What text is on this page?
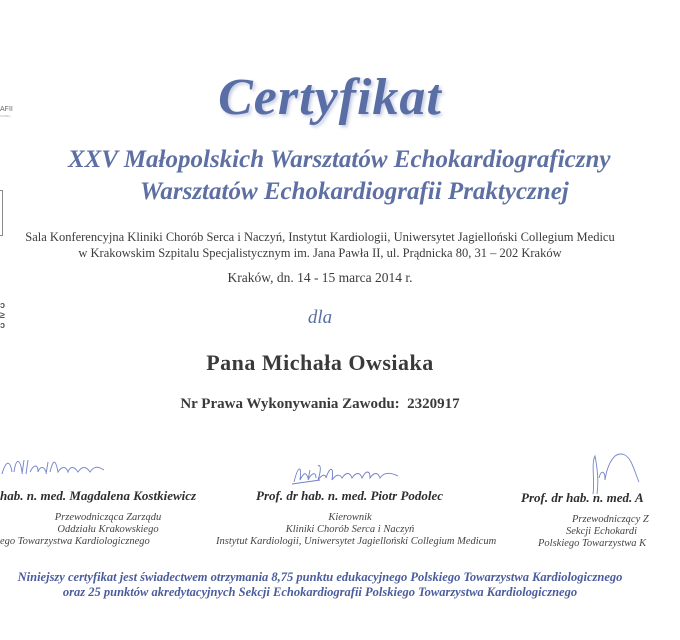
AFII
ICZNEJ
ɔ
≥
ɔ
Certyfikat
XXV Małopolskich Warsztatów Echokardiograficzny
Warsztatów Echokardiografii Praktycznej
Sala Konferencyjna Kliniki Chorób Serca i Naczyń, Instytut Kardiologii, Uniwersytet Jagielloński Collegium Medicu
w Krakowskim Szpitalu Specjalistycznym im. Jana Pawła II, ul. Prądnicka 80, 31 – 202 Kraków
Kraków, dn. 14 - 15 marca 2014 r.
dla
Pana Michała Owsiaka
Nr Prawa Wykonywania Zawodu: 2320917
hab. n. med. Magdalena Kostkiewicz
Przewodnicząca Zarządu
Oddziału Krakowskiego
ego Towarzystwa Kardiologicznego
Prof. dr hab. n. med. Piotr Podolec
Kierownik
Kliniki Chorób Serca i Naczyń
Instytut Kardiologii, Uniwersytet Jagielloński Collegium Medicum
Prof. dr hab. n. med. A
Przewodniczący Z
Sekcji Echokardi
Polskiego Towarzystwa K
Niniejszy certyfikat jest świadectwem otrzymania 8,75 punktu edukacyjnego Polskiego Towarzystwa Kardiologicznego
oraz 25 punktów akredytacyjnych Sekcji Echokardiografii Polskiego Towarzystwa Kardiologicznego
